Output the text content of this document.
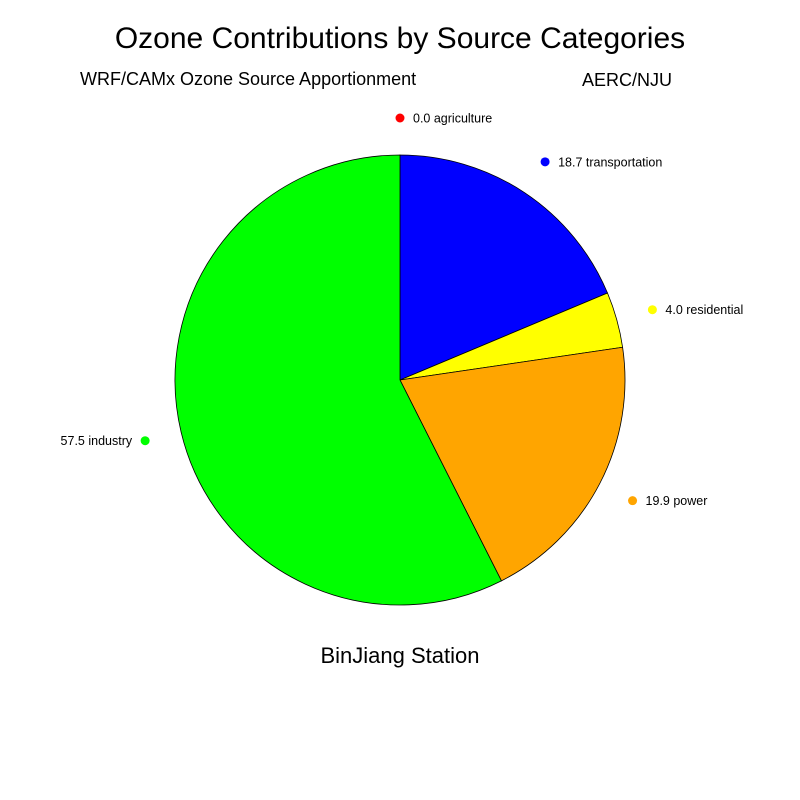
Ozone Contributions by Source Categories
WRF/CAMx Ozone Source Apportionment	AERC/NJU
0.0 agriculture
18.7 transportation
4.0 residential
19.9 power
57.5 industry
BinJiang Station
